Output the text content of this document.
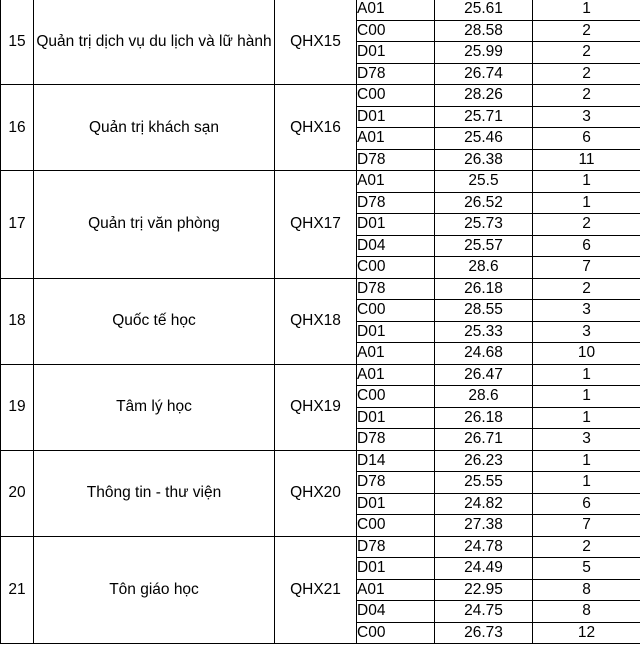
15	Quản trị dịch vụ du lịch và lữ hành	QHX15	A01	25.61	1
			C00	28.58	2
			D01	25.99	2
			D78	26.74	2
16	Quản trị khách sạn	QHX16	C00	28.26	2
			D01	25.71	3
			A01	25.46	6
			D78	26.38	11
17	Quản trị văn phòng	QHX17	A01	25.5	1
			D78	26.52	1
			D01	25.73	2
			D04	25.57	6
			C00	28.6	7
18	Quốc tế học	QHX18	D78	26.18	2
			C00	28.55	3
			D01	25.33	3
			A01	24.68	10
19	Tâm lý học	QHX19	A01	26.47	1
			C00	28.6	1
			D01	26.18	1
			D78	26.71	3
20	Thông tin - thư viện	QHX20	D14	26.23	1
			D78	25.55	1
			D01	24.82	6
			C00	27.38	7
21	Tôn giáo học	QHX21	D78	24.78	2
			D01	24.49	5
			A01	22.95	8
			D04	24.75	8
			C00	26.73	12
